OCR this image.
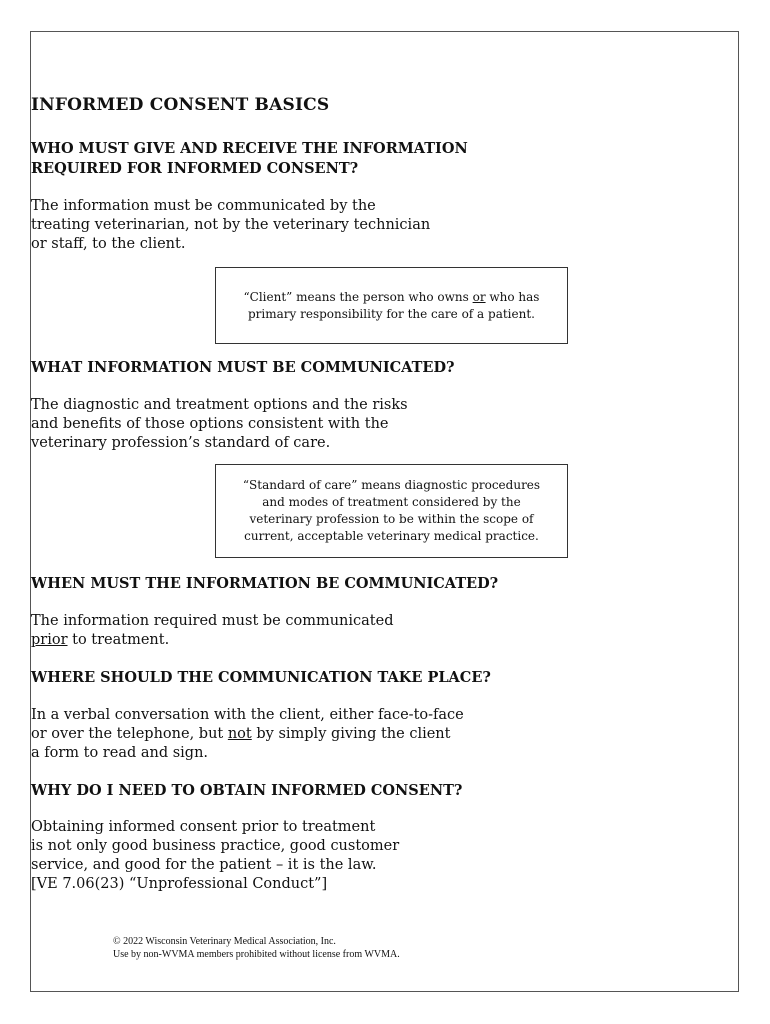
INFORMED CONSENT BASICS
WHO MUST GIVE AND RECEIVE THE INFORMATION
REQUIRED FOR INFORMED CONSENT?
The information must be communicated by the
treating veterinarian, not by the veterinary technician
or staff, to the client.
“Client” means the person who owns or who has
primary responsibility for the care of a patient.
WHAT INFORMATION MUST BE COMMUNICATED?
The diagnostic and treatment options and the risks
and benefits of those options consistent with the
veterinary profession’s standard of care.
“Standard of care” means diagnostic procedures
and modes of treatment considered by the
veterinary profession to be within the scope of
current, acceptable veterinary medical practice.
WHEN MUST THE INFORMATION BE COMMUNICATED?
The information required must be communicated
prior to treatment.
WHERE SHOULD THE COMMUNICATION TAKE PLACE?
In a verbal conversation with the client, either face-to-face
or over the telephone, but not by simply giving the client
a form to read and sign.
WHY DO I NEED TO OBTAIN INFORMED CONSENT?
Obtaining informed consent prior to treatment
is not only good business practice, good customer
service, and good for the patient – it is the law.
[VE 7.06(23) “Unprofessional Conduct”]
© 2022 Wisconsin Veterinary Medical Association, Inc.
Use by non-WVMA members prohibited without license from WVMA.
